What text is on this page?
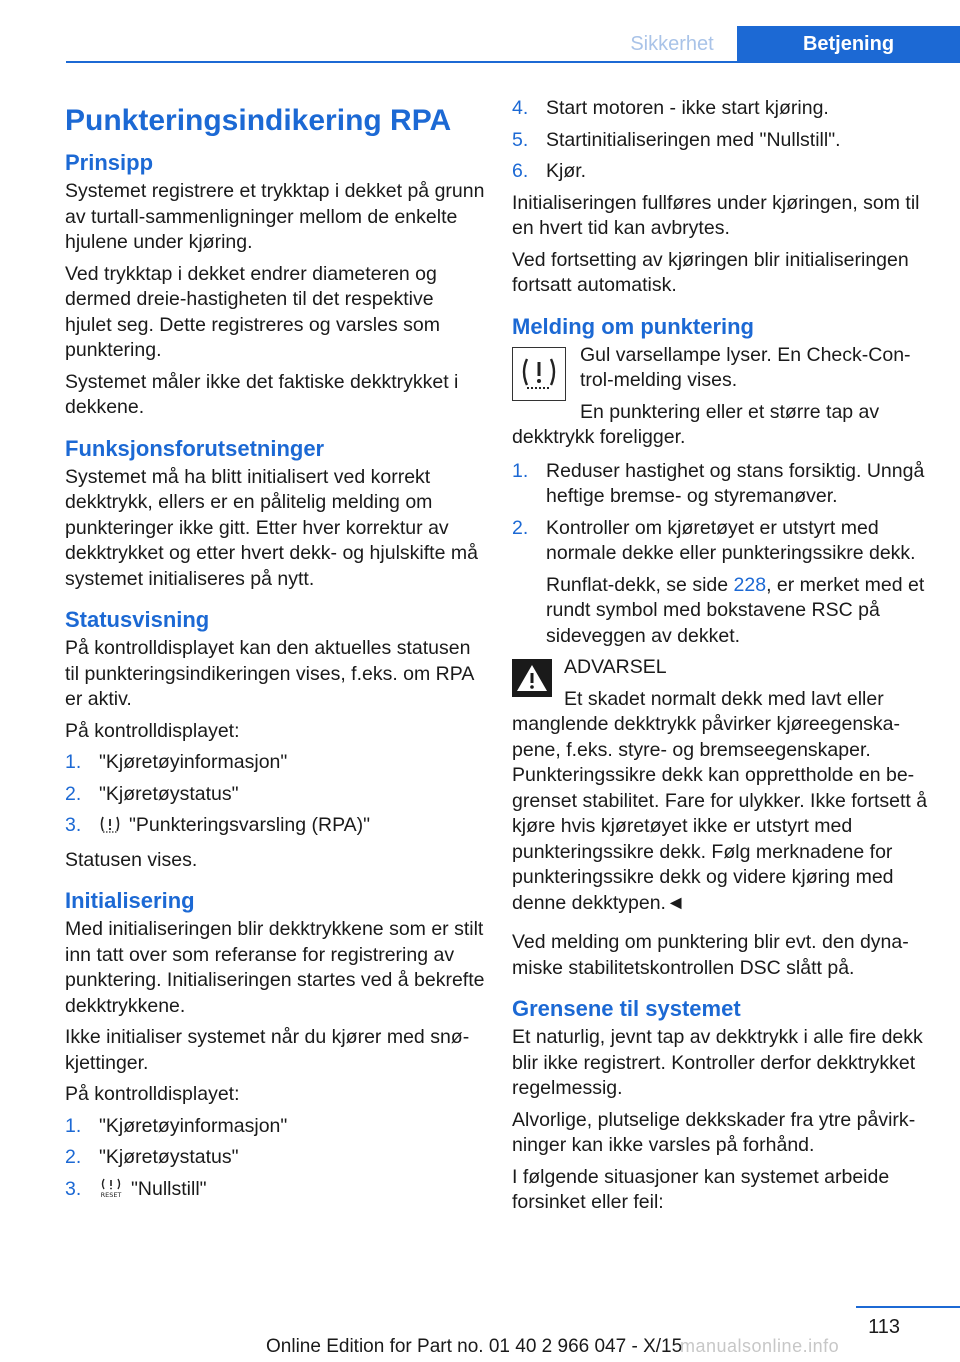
Sikkerhet	Betjening
Punkteringsindikering RPA
Prinsipp

Systemet registrere et trykktap i dekket på grunn av turtall-sammenligninger mellom de enkelte hjulene under kjøring.

Ved trykktap i dekket endrer diameteren og dermed dreie-hastigheten til det respektive hjulet seg. Dette registreres og varsles som punktering.

Systemet måler ikke det faktiske dekktrykket i dekkene.

Funksjonsforutsetninger

Systemet må ha blitt initialisert ved korrekt dekktrykk, ellers er en pålitelig melding om punkteringer ikke gitt. Etter hver korrektur av dekktrykket og etter hvert dekk- og hjulskifte må systemet initialiseres på nytt.

Statusvisning

På kontrolldisplayet kan den aktuelles statusen til punkteringsindikeringen vises, f.eks. om RPA er aktiv.

På kontrolldisplayet:

1. "Kjøretøyinformasjon"
2. "Kjøretøystatus"
3. "Punkteringsvarsling (RPA)"

Statusen vises.

Initialisering

Med initialiseringen blir dekktrykkene som er stilt inn tatt over som referanse for registrering av punktering. Initialiseringen startes ved å bekrefte dekktrykkene.

Ikke initialiser systemet når du kjører med snøkjettinger.

På kontrolldisplayet:

1. "Kjøretøyinformasjon"
2. "Kjøretøystatus"
3.	RESET "Nullstill"
4. Start motoren - ikke start kjøring.
5. Startinitialiseringen med "Nullstill".
6. Kjør.

Initialiseringen fullføres under kjøringen, som til en hvert tid kan avbrytes.

Ved fortsetting av kjøringen blir initialiseringen fortsatt automatisk.

Melding om punktering

Gul varsellampe lyser. En Check-Control-melding vises.

En punktering eller et større tap av dekktrykk foreligger.

1. Reduser hastighet og stans forsiktig. Unngå heftige bremse- og styremanøver.
2. Kontroller om kjøretøyet er utstyrt med normale dekke eller punkteringssikre dekk.

Runflat-dekk, se side 228, er merket med et rundt symbol med bokstavene RSC på sideveggen av dekket.

ADVARSEL

Et skadet normalt dekk med lavt eller manglende dekktrykk påvirker kjøreegenskapene, f.eks. styre- og bremseegenskaper. Punkteringssikre dekk kan opprettholde en begrenset stabilitet. Fare for ulykker. Ikke fortsett å kjøre hvis kjøretøyet ikke er utstyrt med punkteringssikre dekk. Følg merknadene for punkteringssikre dekk og videre kjøring med denne dekktypen.◄

Ved melding om punktering blir evt. den dynamiske stabilitetskontrollen DSC slått på.

Grensene til systemet

Et naturlig, jevnt tap av dekktrykk i alle fire dekk blir ikke registrert. Kontroller derfor dekktrykket regelmessig.

Alvorlige, plutselige dekkskader fra ytre påvirkninger kan ikke varsles på forhånd.

I følgende situasjoner kan systemet arbeide forsinket eller feil:

113
Online Edition for Part no. 01 40 2 966 047 - X/15
manualsonline.info
